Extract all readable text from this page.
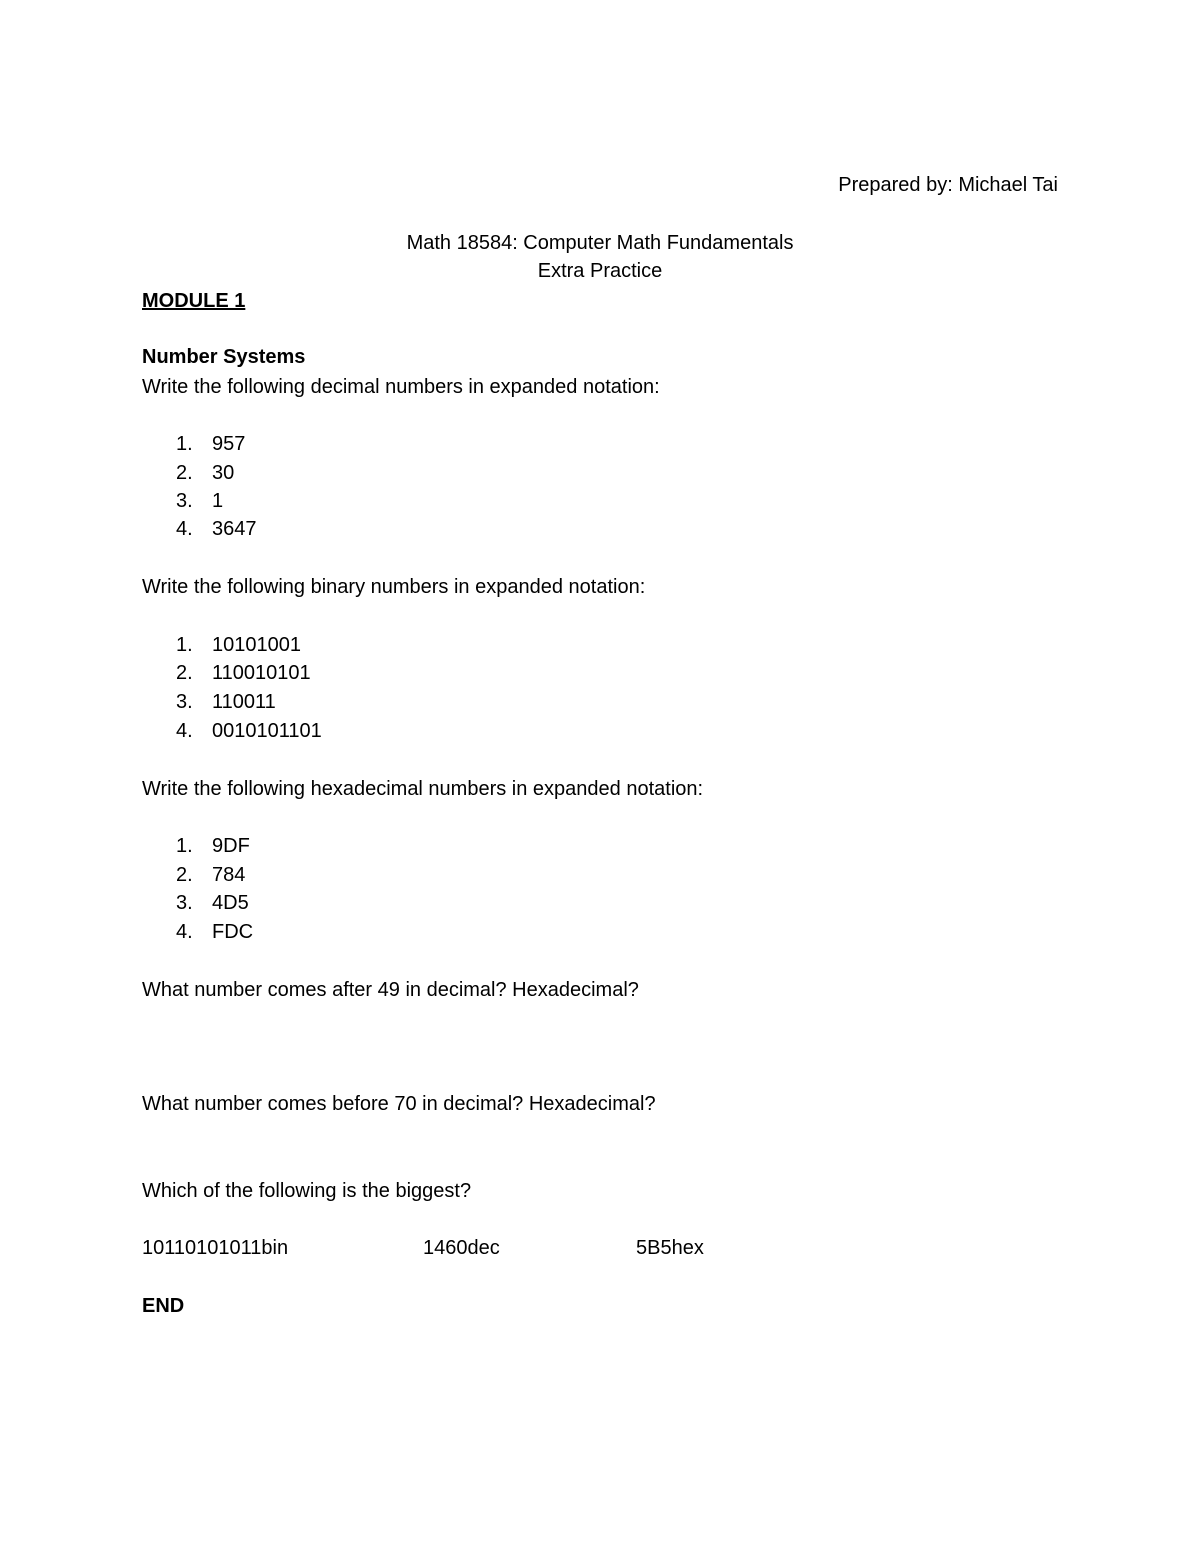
Prepared by: Michael Tai
Math 18584: Computer Math Fundamentals
Extra Practice
MODULE 1
Number Systems
Write the following decimal numbers in expanded notation:
1. 957
2. 30
3. 1
4. 3647
Write the following binary numbers in expanded notation:
1. 10101001
2. 110010101
3. 110011
4. 0010101101
Write the following hexadecimal numbers in expanded notation:
1. 9DF
2. 784
3. 4D5
4. FDC
What number comes after 49 in decimal? Hexadecimal?
What number comes before 70 in decimal? Hexadecimal?
Which of the following is the biggest?
10110101011bin	1460dec	5B5hex
END
